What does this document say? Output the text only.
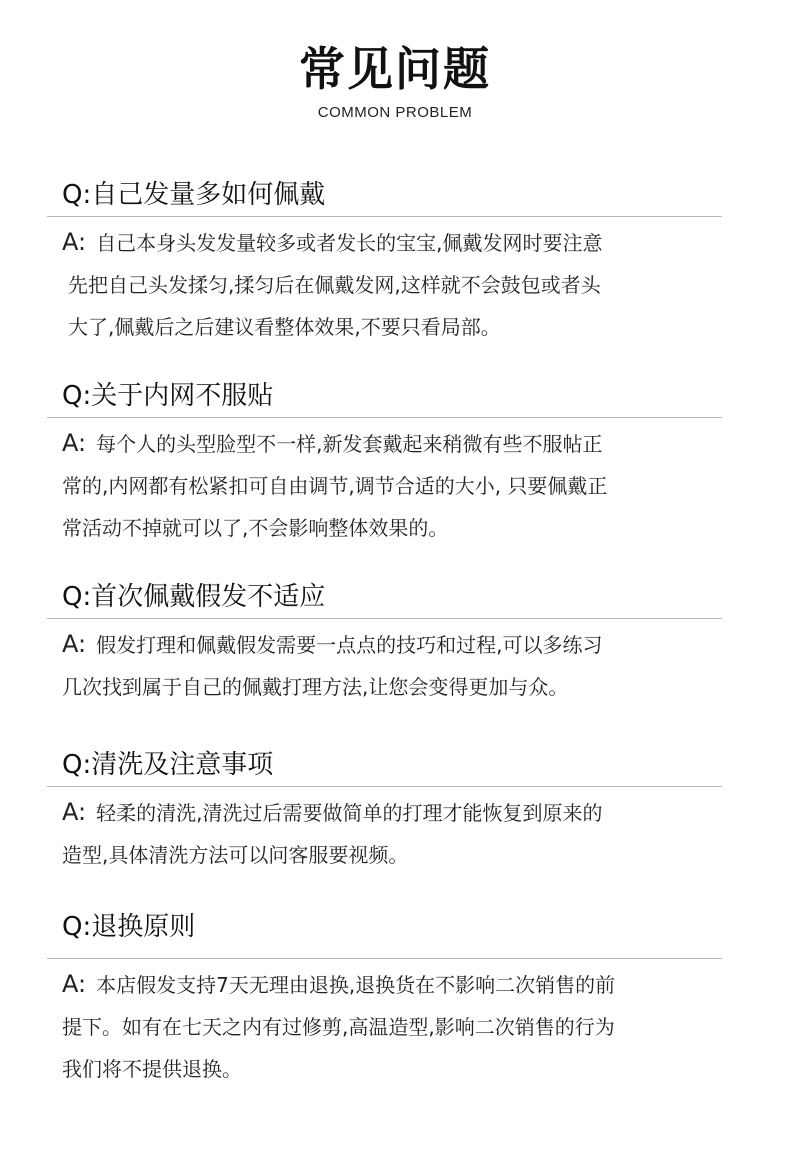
常见问题
COMMON PROBLEM
Q:自己发量多如何佩戴

A: 自己本身头发发量较多或者发长的宝宝,佩戴发网时要注意

先把自己头发揉匀,揉匀后在佩戴发网,这样就不会鼓包或者头

大了,佩戴后之后建议看整体效果,不要只看局部。

Q:关于内网不服贴

A: 每个人的头型脸型不一样,新发套戴起来稍微有些不服帖正

常的,内网都有松紧扣可自由调节,调节合适的大小, 只要佩戴正

常活动不掉就可以了,不会影响整体效果的。

Q:首次佩戴假发不适应

A: 假发打理和佩戴假发需要一点点的技巧和过程,可以多练习

几次找到属于自己的佩戴打理方法,让您会变得更加与众。

Q:清洗及注意事项

A: 轻柔的清洗,清洗过后需要做简单的打理才能恢复到原来的

造型,具体清洗方法可以问客服要视频。

Q:退换原则

A: 本店假发支持7天无理由退换,退换货在不影响二次销售的前

提下。如有在七天之内有过修剪,高温造型,影响二次销售的行为

我们将不提供退换。
